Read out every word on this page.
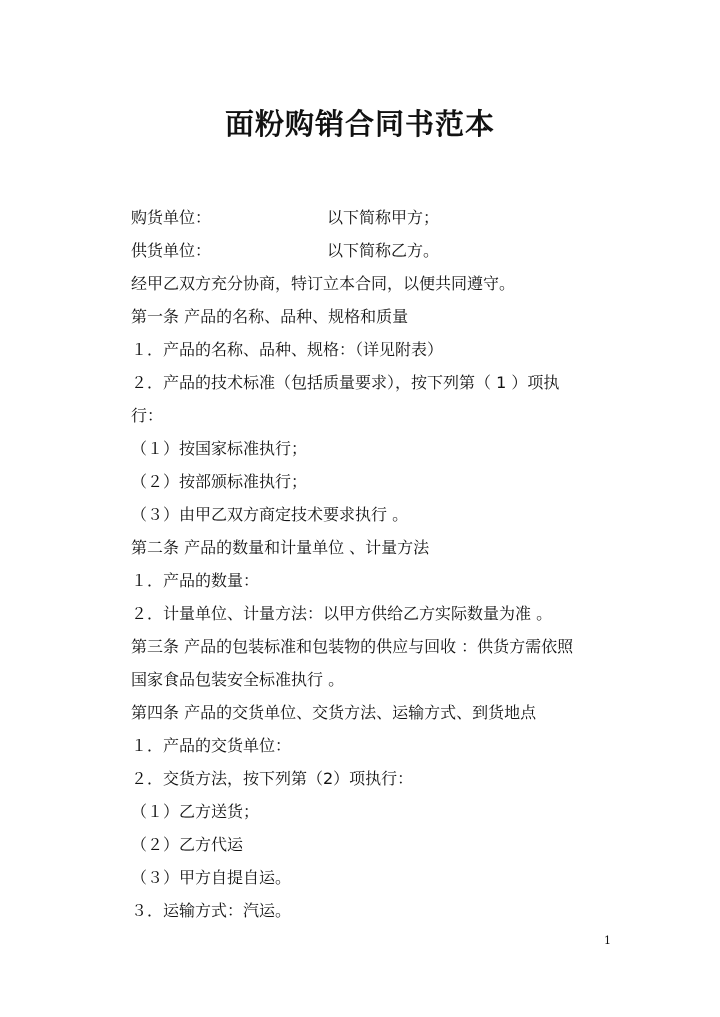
面粉购销合同书范本
购货单位：	以下简称甲方；
供货单位：	以下简称乙方。
经甲乙双方充分协商，特订立本合同，以便共同遵守。
第一条 产品的名称、品种、规格和质量
１．产品的名称、品种、规格：（详见附表）
２．产品的技术标准（包括质量要求），按下列第（ 1 ）项执
行：
（１）按国家标准执行；
（２）按部颁标准执行；
（３）由甲乙双方商定技术要求执行 。
第二条 产品的数量和计量单位 、计量方法
１．产品的数量：
２．计量单位、计量方法：以甲方供给乙方实际数量为准 。
第三条 产品的包装标准和包装物的供应与回收 ：供货方需依照
国家食品包装安全标准执行 。
第四条 产品的交货单位、交货方法、运输方式、到货地点
１．产品的交货单位：
２．交货方法，按下列第（2）项执行：
（１）乙方送货；
（２）乙方代运
（３）甲方自提自运。
３．运输方式：汽运。
1
